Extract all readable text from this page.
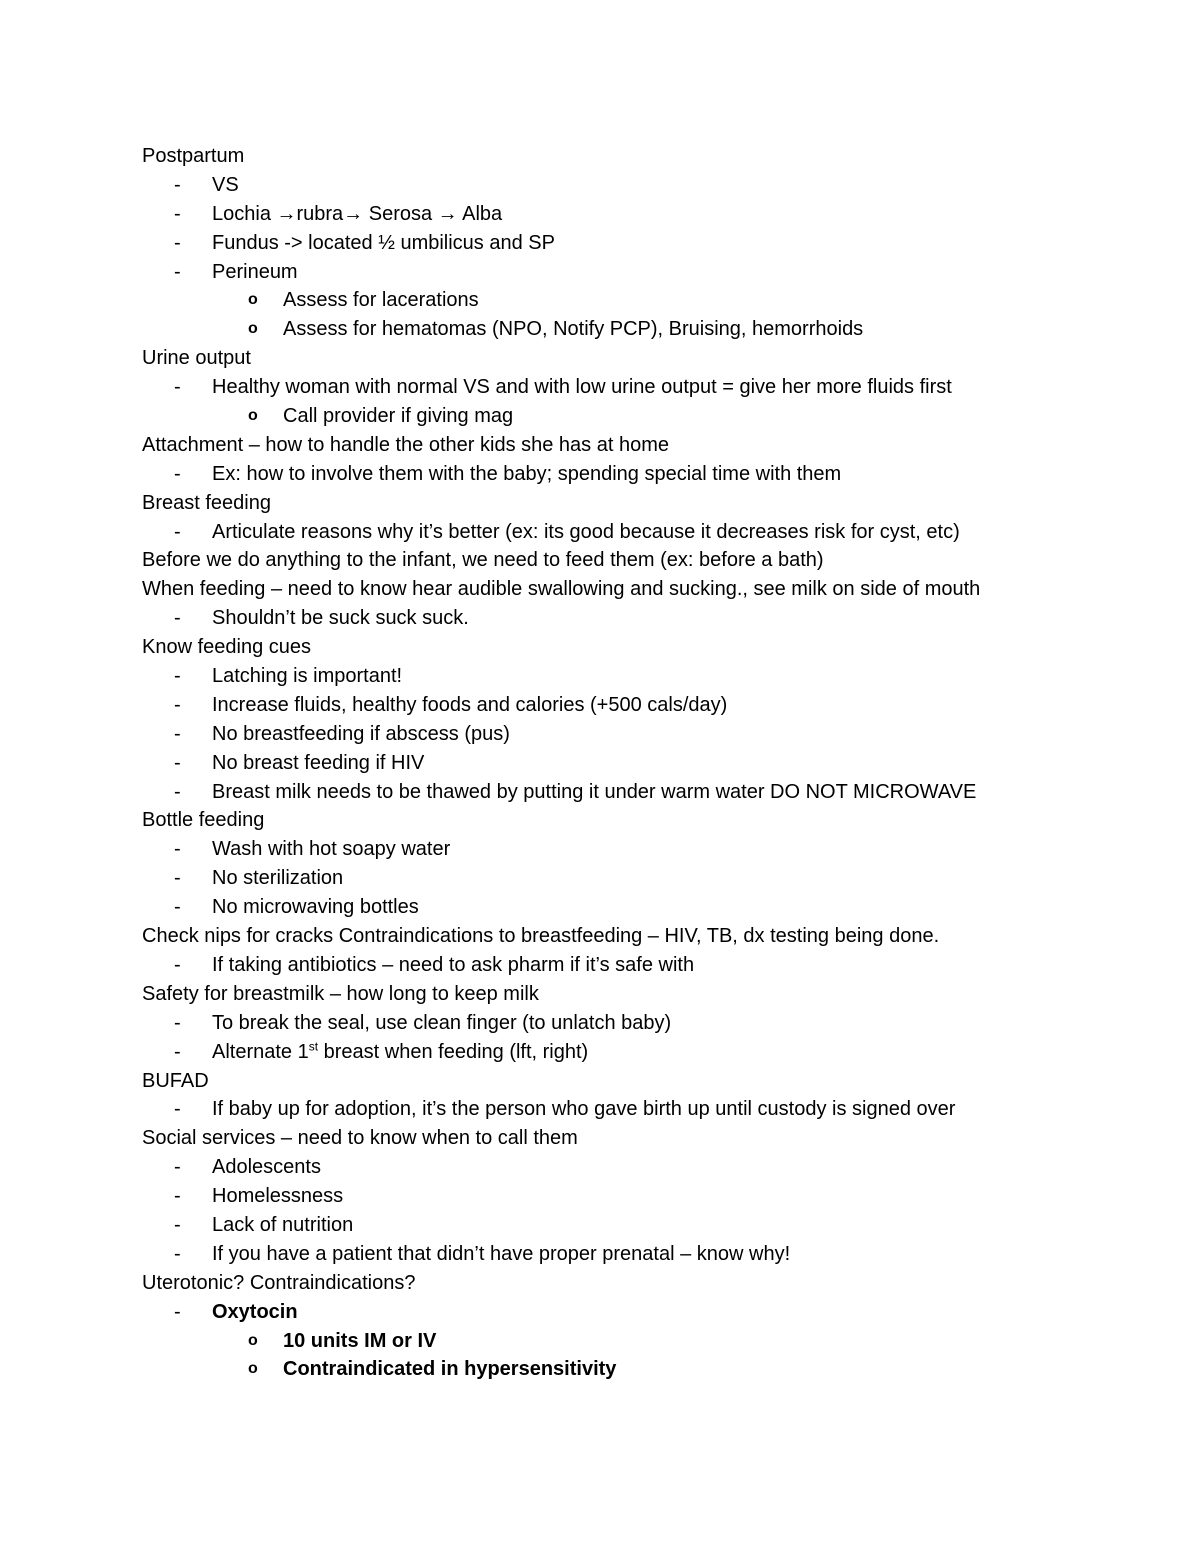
Postpartum
- VS
- Lochia →rubra→ Serosa → Alba
- Fundus -> located ½ umbilicus and SP
- Perineum
o Assess for lacerations
o Assess for hematomas (NPO, Notify PCP), Bruising, hemorrhoids
Urine output
- Healthy woman with normal VS and with low urine output = give her more fluids first
o Call provider if giving mag
Attachment – how to handle the other kids she has at home
- Ex: how to involve them with the baby; spending special time with them
Breast feeding
- Articulate reasons why it’s better (ex: its good because it decreases risk for cyst, etc)
Before we do anything to the infant, we need to feed them (ex: before a bath)
When feeding – need to know hear audible swallowing and sucking., see milk on side of mouth
- Shouldn’t be suck suck suck.
Know feeding cues
- Latching is important!
- Increase fluids, healthy foods and calories (+500 cals/day)
- No breastfeeding if abscess (pus)
- No breast feeding if HIV
- Breast milk needs to be thawed by putting it under warm water DO NOT MICROWAVE
Bottle feeding
- Wash with hot soapy water
- No sterilization
- No microwaving bottles
Check nips for cracks Contraindications to breastfeeding – HIV, TB, dx testing being done.
- If taking antibiotics – need to ask pharm if it’s safe with
Safety for breastmilk – how long to keep milk
- To break the seal, use clean finger (to unlatch baby)
- Alternate 1st breast when feeding (lft, right)
BUFAD
- If baby up for adoption, it’s the person who gave birth up until custody is signed over
Social services – need to know when to call them
- Adolescents
- Homelessness
- Lack of nutrition
- If you have a patient that didn’t have proper prenatal – know why!
Uterotonic? Contraindications?
- Oxytocin
o 10 units IM or IV
o Contraindicated in hypersensitivity
